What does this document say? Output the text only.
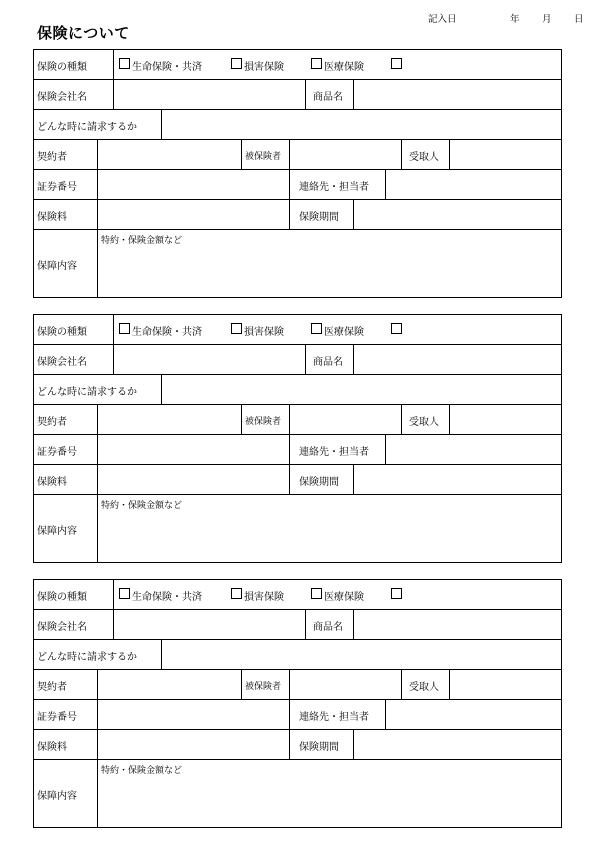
保険について
記入日	年 月 日
保険の種類	生命保険・共済	損害保険	医療保険
保険会社名	商品名
どんな時に請求するか
契約者	被保険者	受取人
証券番号	連絡先・担当者
保険料	保険期間
保障内容
特約・保険金額など
保険の種類	生命保険・共済	損害保険	医療保険
保険会社名	商品名
どんな時に請求するか
契約者	被保険者	受取人
証券番号	連絡先・担当者
保険料	保険期間
保障内容
特約・保険金額など
保険の種類	生命保険・共済	損害保険	医療保険
保険会社名	商品名
どんな時に請求するか
契約者	被保険者	受取人
証券番号	連絡先・担当者
保険料	保険期間
保障内容
特約・保険金額など
